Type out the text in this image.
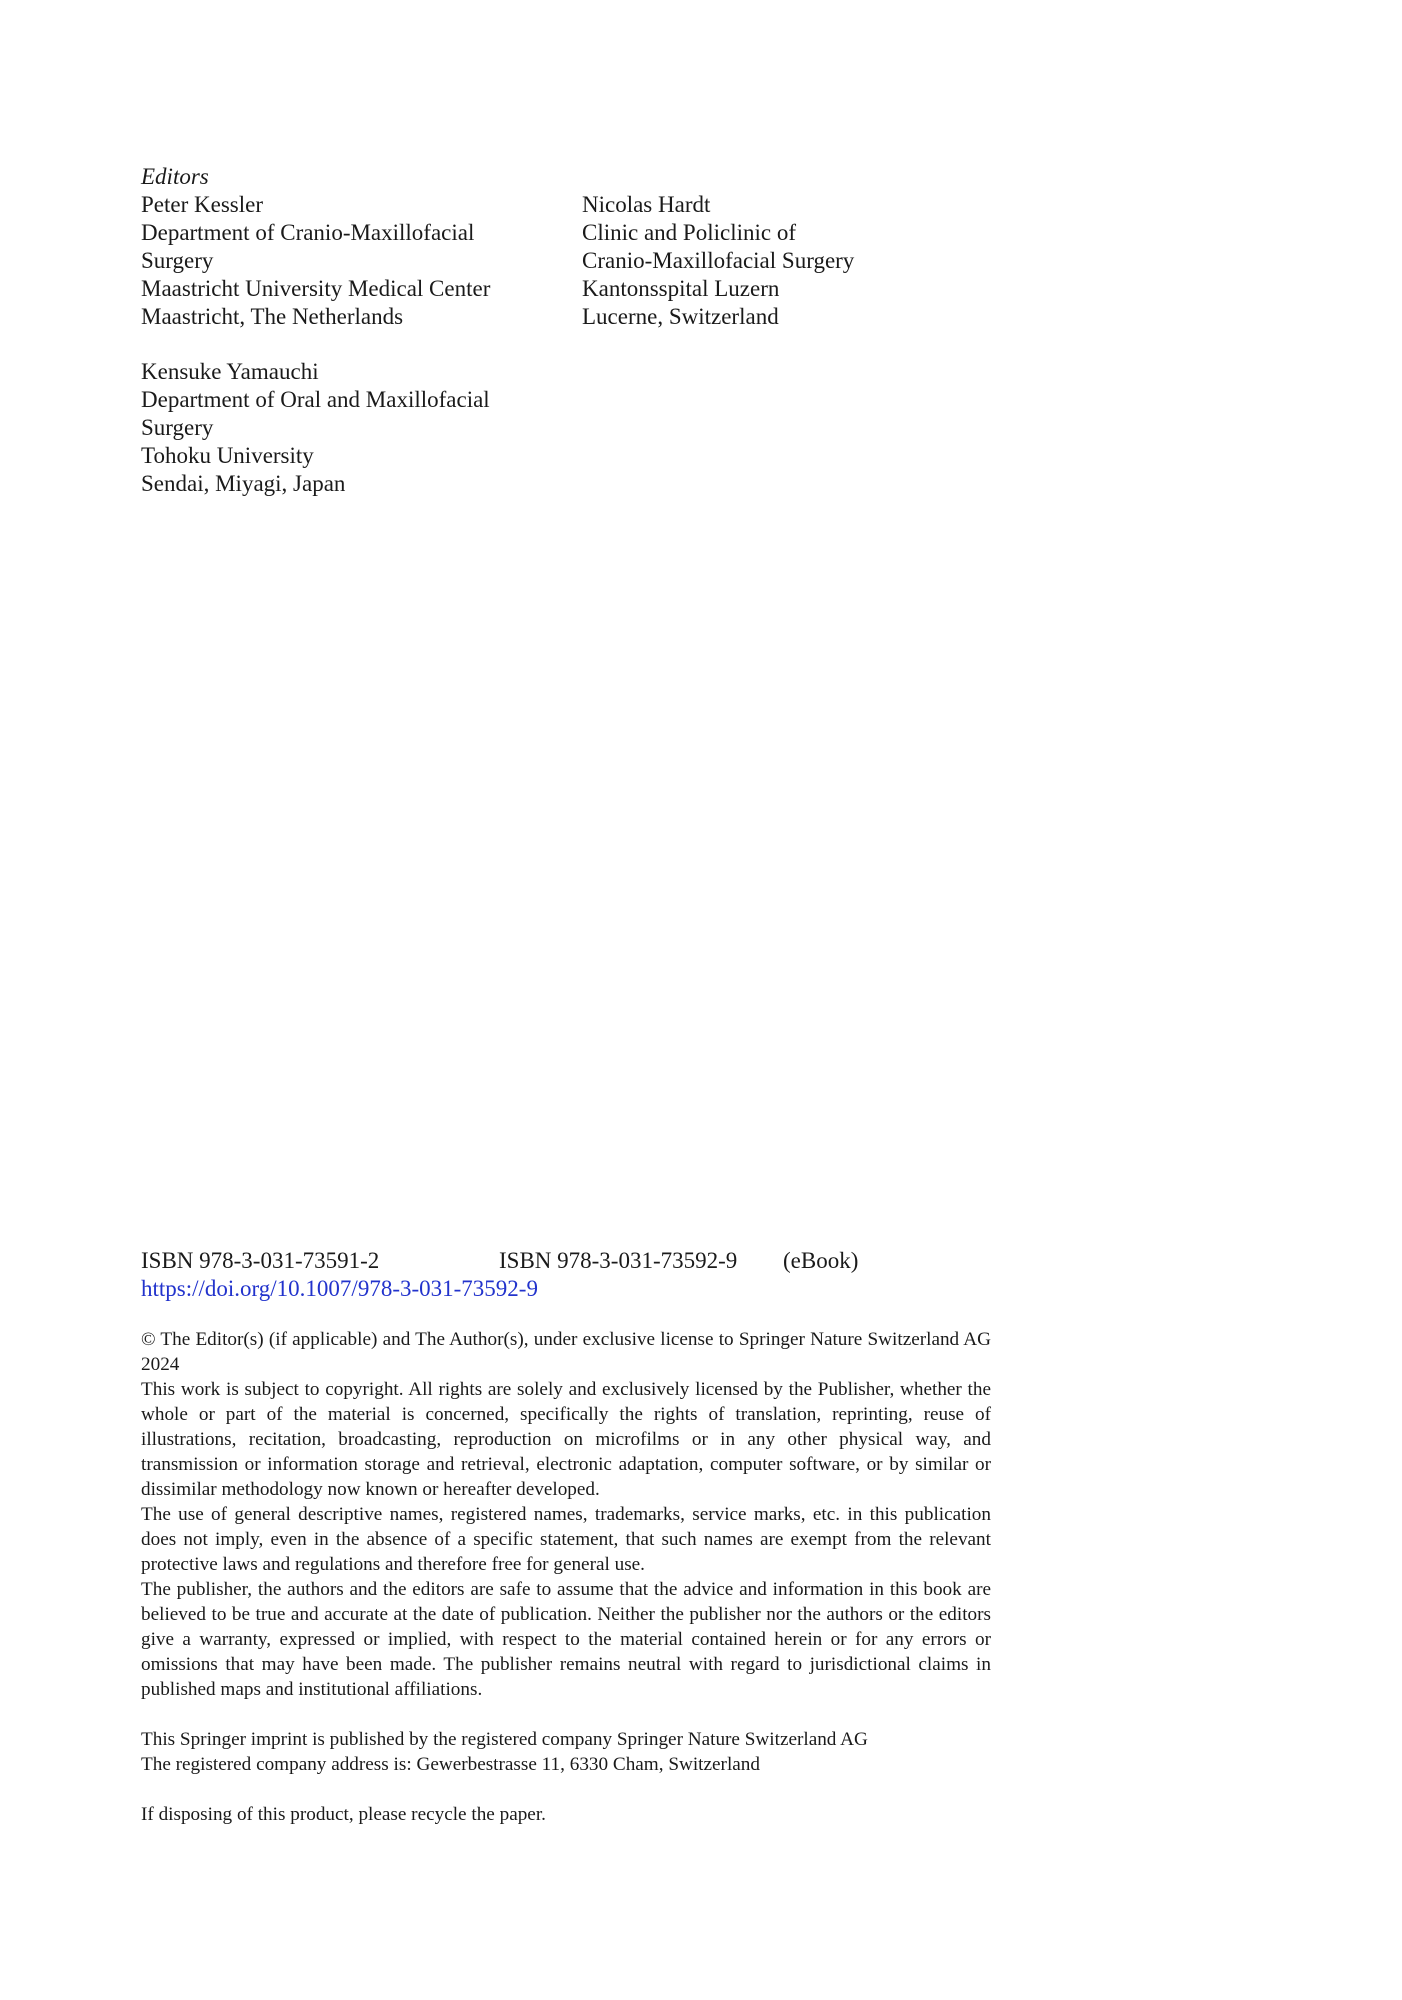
Editors
Peter Kessler
Department of Cranio-Maxillofacial
Surgery
Maastricht University Medical Center
Maastricht, The Netherlands
Nicolas Hardt
Clinic and Policlinic of
Cranio-Maxillofacial Surgery
Kantonsspital Luzern
Lucerne, Switzerland
Kensuke Yamauchi
Department of Oral and Maxillofacial
Surgery
Tohoku University
Sendai, Miyagi, Japan
ISBN 978-3-031-73591-2	ISBN 978-3-031-73592-9 (eBook)
https://doi.org/10.1007/978-3-031-73592-9
© The Editor(s) (if applicable) and The Author(s), under exclusive license to Springer Nature Switzerland AG 2024
This work is subject to copyright. All rights are solely and exclusively licensed by the Publisher, whether the whole or part of the material is concerned, specifically the rights of translation, reprinting, reuse of illustrations, recitation, broadcasting, reproduction on microfilms or in any other physical way, and transmission or information storage and retrieval, electronic adaptation, computer software, or by similar or dissimilar methodology now known or hereafter developed.
The use of general descriptive names, registered names, trademarks, service marks, etc. in this publication does not imply, even in the absence of a specific statement, that such names are exempt from the relevant protective laws and regulations and therefore free for general use.
The publisher, the authors and the editors are safe to assume that the advice and information in this book are believed to be true and accurate at the date of publication. Neither the publisher nor the authors or the editors give a warranty, expressed or implied, with respect to the material contained herein or for any errors or omissions that may have been made. The publisher remains neutral with regard to jurisdictional claims in published maps and institutional affiliations.
This Springer imprint is published by the registered company Springer Nature Switzerland AG
The registered company address is: Gewerbestrasse 11, 6330 Cham, Switzerland
If disposing of this product, please recycle the paper.
